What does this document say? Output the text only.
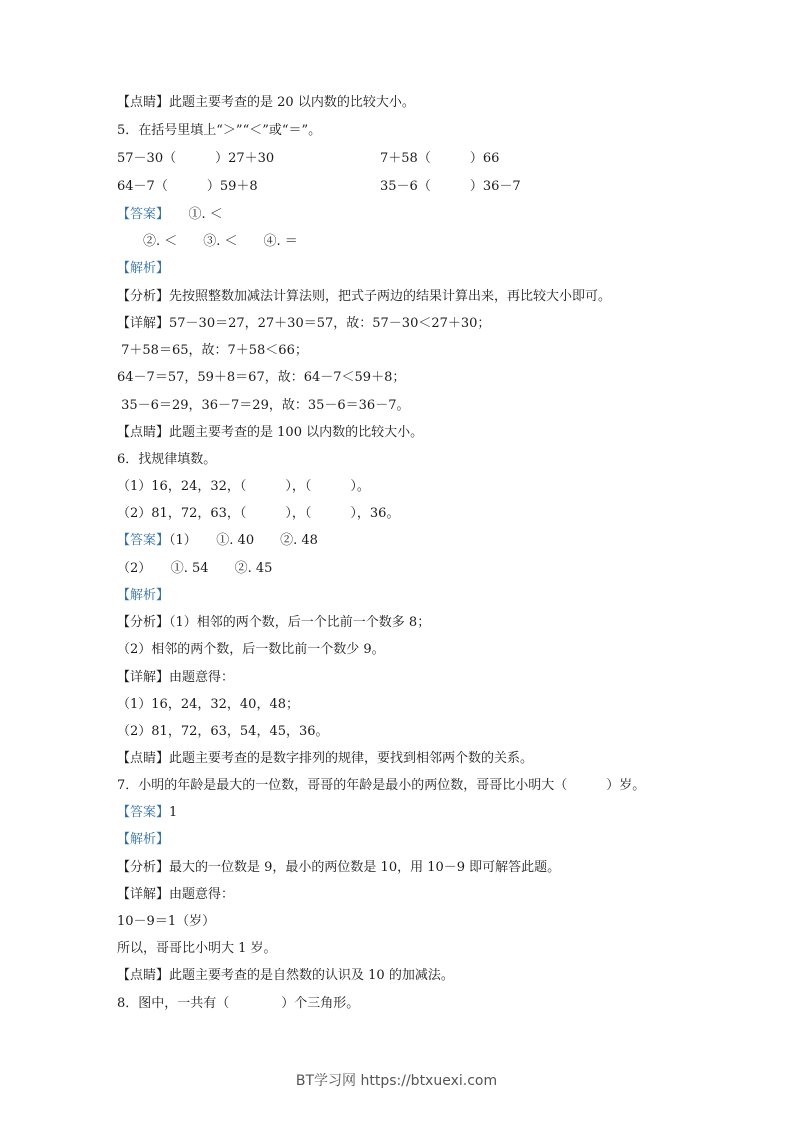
【点睛】此题主要考查的是 20 以内数的比较大小。
5．在括号里填上“＞”“＜”或“＝”。
57－30（　　　）27＋30	7＋58（　　　）66
64－7（　　　）59＋8	35－6（　　　）36－7
【答案】　　①. ＜
　　②. ＜　　③. ＜　　④. ＝
【解析】
【分析】先按照整数加减法计算法则，把式子两边的结果计算出来，再比较大小即可。
【详解】57－30＝27，27＋30＝57，故：57－30＜27＋30；
7＋58＝65，故：7＋58＜66；
64－7＝57，59＋8＝67，故：64－7＜59＋8；
35－6＝29，36－7＝29，故：35－6＝36－7。
【点睛】此题主要考查的是 100 以内数的比较大小。
6．找规律填数。
（1）16，24，32，（　　　），（　　　）。
（2）81，72，63，（　　　），（　　　），36。
【答案】（1）　　①. 40　　②. 48
（2）　　①. 54　　②. 45
【解析】
【分析】（1）相邻的两个数，后一个比前一个数多 8；
（2）相邻的两个数，后一数比前一个数少 9。
【详解】由题意得：
（1）16，24，32，40，48；
（2）81，72，63，54，45，36。
【点睛】此题主要考查的是数字排列的规律，要找到相邻两个数的关系。
7．小明的年龄是最大的一位数，哥哥的年龄是最小的两位数，哥哥比小明大（　　　）岁。
【答案】1
【解析】
【分析】最大的一位数是 9，最小的两位数是 10，用 10－9 即可解答此题。
【详解】由题意得：
10－9＝1（岁）
所以，哥哥比小明大 1 岁。
【点睛】此题主要考查的是自然数的认识及 10 的加减法。
8．图中，一共有（　　　　）个三角形。
BT学习网 https://btxuexi.com
